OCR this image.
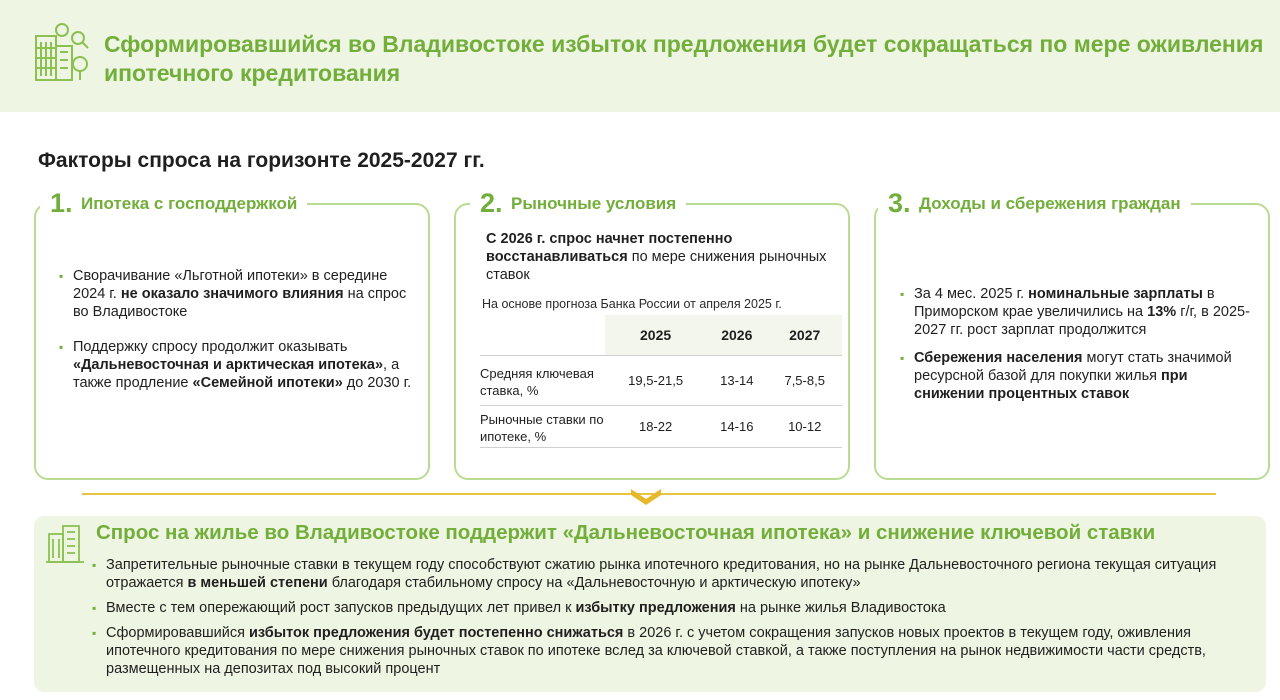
Сформировавшийся во Владивостоке избыток предложения будет сокращаться по мере оживления ипотечного кредитования
Факторы спроса на горизонте 2025-2027 гг.
1. Ипотека с господдержкой
▪ Сворачивание «Льготной ипотеки» в середине 2024 г. не оказало значимого влияния на спрос во Владивостоке
▪ Поддержку спросу продолжит оказывать «Дальневосточная и арктическая ипотека», а также продление «Семейной ипотеки» до 2030 г.
2. Рыночные условия
С 2026 г. спрос начнет постепенно восстанавливаться по мере снижения рыночных ставок
На основе прогноза Банка России от апреля 2025 г.
	2025	2026	2027
Средняя ключевая ставка, %	19,5-21,5	13-14	7,5-8,5
Рыночные ставки по ипотеке, %	18-22	14-16	10-12
3. Доходы и сбережения граждан
▪ За 4 мес. 2025 г. номинальные зарплаты в Приморском крае увеличились на 13% г/г, в 2025-2027 гг. рост зарплат продолжится
▪ Сбережения населения могут стать значимой ресурсной базой для покупки жилья при снижении процентных ставок
Спрос на жилье во Владивостоке поддержит «Дальневосточная ипотека» и снижение ключевой ставки
▪ Запретительные рыночные ставки в текущем году способствуют сжатию рынка ипотечного кредитования, но на рынке Дальневосточного региона текущая ситуация отражается в меньшей степени благодаря стабильному спросу на «Дальневосточную и арктическую ипотеку»
▪ Вместе с тем опережающий рост запусков предыдущих лет привел к избытку предложения на рынке жилья Владивостока
▪ Сформировавшийся избыток предложения будет постепенно снижаться в 2026 г. с учетом сокращения запусков новых проектов в текущем году, оживления ипотечного кредитования по мере снижения рыночных ставок по ипотеке вслед за ключевой ставкой, а также поступления на рынок недвижимости части средств, размещенных на депозитах под высокий процент
